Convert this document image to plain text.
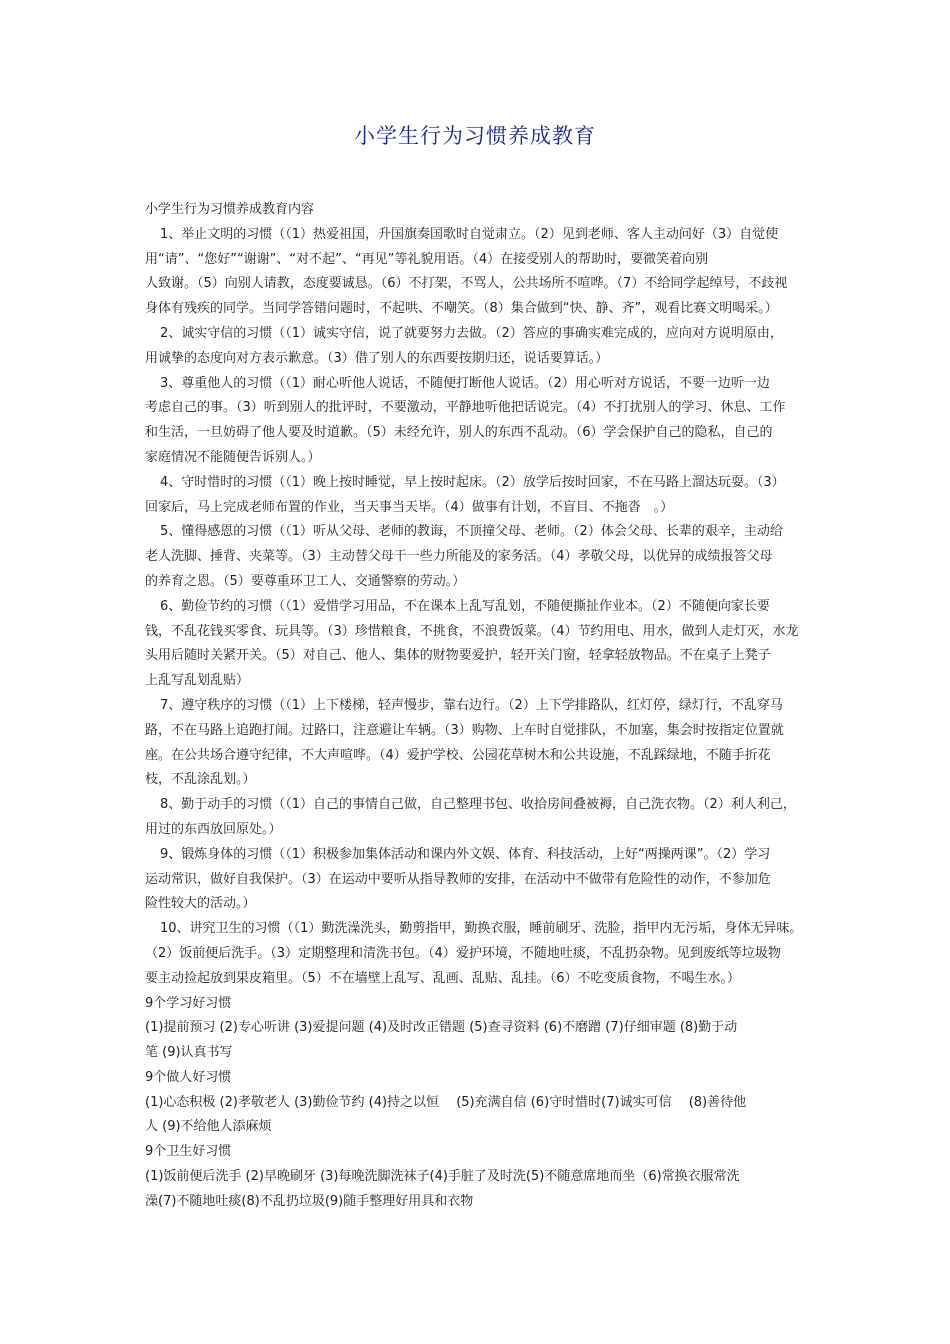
小学生行为习惯养成教育
小学生行为习惯养成教育内容
1、举止文明的习惯（（1）热爱祖国，升国旗奏国歌时自觉肃立。（2）见到老师、客人主动问好（3）自觉使
用“请”、“您好”“谢谢”、“对不起”、“再见”等礼貌用语。（4）在接受别人的帮助时，要微笑着向别
人致谢。（5）向别人请教，态度要诚恳。（6）不打架，不骂人，公共场所不喧哗。（7）不给同学起绰号，不歧视
身体有残疾的同学。当同学答错问题时，不起哄、不嘲笑。（8）集合做到“快、静、齐”，观看比赛文明喝采。）
2、诚实守信的习惯（（1）诚实守信，说了就要努力去做。（2）答应的事确实难完成的，应向对方说明原由，
用诚挚的态度向对方表示歉意。（3）借了别人的东西要按期归还，说话要算话。）
3、尊重他人的习惯（（1）耐心听他人说话，不随便打断他人说话。（2）用心听对方说话，不要一边听一边
考虑自己的事。（3）听到别人的批评时，不要激动，平静地听他把话说完。（4）不打扰别人的学习、休息、工作
和生活，一旦妨碍了他人要及时道歉。（5）未经允许，别人的东西不乱动。（6）学会保护自己的隐私，自己的
家庭情况不能随便告诉别人。）
4、守时惜时的习惯（（1）晚上按时睡觉，早上按时起床。（2）放学后按时回家，不在马路上溜达玩耍。（3）
回家后，马上完成老师布置的作业，当天事当天毕。（4）做事有计划，不盲目、不拖沓　。）
5、懂得感恩的习惯（（1）听从父母、老师的教诲，不顶撞父母、老师。（2）体会父母、长辈的艰辛，主动给
老人洗脚、捶背、夹菜等。（3）主动替父母干一些力所能及的家务活。（4）孝敬父母，以优异的成绩报答父母
的养育之恩。（5）要尊重环卫工人、交通警察的劳动。）
6、勤俭节约的习惯（（1）爱惜学习用品，不在课本上乱写乱划，不随便撕扯作业本。（2）不随便向家长要
钱，不乱花钱买零食、玩具等。（3）珍惜粮食，不挑食，不浪费饭菜。（4）节约用电、用水，做到人走灯灭，水龙
头用后随时关紧开关。（5）对自己、他人、集体的财物要爱护，轻开关门窗，轻拿轻放物品。不在桌子上凳子
上乱写乱划乱贴）
7、遵守秩序的习惯（（1）上下楼梯，轻声慢步，靠右边行。（2）上下学排路队，红灯停，绿灯行，不乱穿马
路，不在马路上追跑打闹。过路口，注意避让车辆。（3）购物、上车时自觉排队，不加塞，集会时按指定位置就
座。在公共场合遵守纪律，不大声喧哗。（4）爱护学校、公园花草树木和公共设施，不乱踩绿地，不随手折花
枝，不乱涂乱划。）
8、勤于动手的习惯（（1）自己的事情自己做，自己整理书包、收拾房间叠被褥，自己洗衣物。（2）利人利己，
用过的东西放回原处。）
9、锻炼身体的习惯（（1）积极参加集体活动和课内外文娱、体育、科技活动，上好“两操两课”。（2）学习
运动常识，做好自我保护。（3）在运动中要听从指导教师的安排，在活动中不做带有危险性的动作，不参加危
险性较大的活动。）
10、讲究卫生的习惯（（1）勤洗澡洗头，勤剪指甲，勤换衣服，睡前刷牙、洗脸，指甲内无污垢，身体无异味。
（2）饭前便后洗手。（3）定期整理和清洗书包。（4）爱护环境，不随地吐痰，不乱扔杂物。见到废纸等垃圾物
要主动捡起放到果皮箱里。（5）不在墙壁上乱写、乱画、乱贴、乱挂。（6）不吃变质食物，不喝生水。）
9个学习好习惯
(1)提前预习 (2)专心听讲 (3)爱提问题 (4)及时改正错题 (5)查寻资料 (6)不磨蹭 (7)仔细审题 (8)勤于动
笔 (9)认真书写
9个做人好习惯
(1)心态积极 (2)孝敬老人 (3)勤俭节约 (4)持之以恒　 (5)充满自信 (6)守时惜时(7)诚实可信　 (8)善待他
人 (9)不给他人添麻烦
9个卫生好习惯
(1)饭前便后洗手 (2)早晚刷牙 (3)每晚洗脚洗袜子(4)手脏了及时洗(5)不随意席地而坐（6)常换衣服常洗
澡(7)不随地吐痰(8)不乱扔垃圾(9)随手整理好用具和衣物
